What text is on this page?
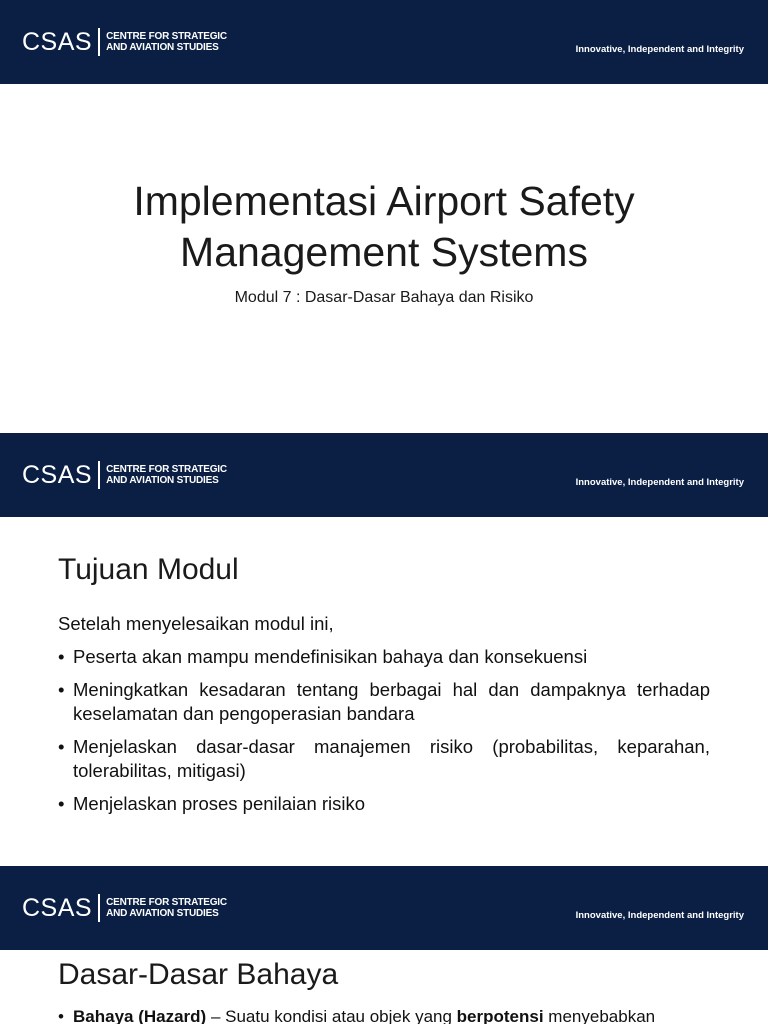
CSAS CENTRE FOR STRATEGIC
AND AVIATION STUDIES	Innovative, Independent and Integrity
Implementasi Airport Safety
Management Systems
Modul 7 : Dasar-Dasar Bahaya dan Risiko
CSAS CENTRE FOR STRATEGIC
AND AVIATION STUDIES	Innovative, Independent and Integrity
Tujuan Modul
Setelah menyelesaikan modul ini,
• Peserta akan mampu mendefinisikan bahaya dan konsekuensi
• Meningkatkan kesadaran tentang berbagai hal dan dampaknya terhadap keselamatan dan pengoperasian bandara
• Menjelaskan dasar-dasar manajemen risiko (probabilitas, keparahan, tolerabilitas, mitigasi)
• Menjelaskan proses penilaian risiko
CSAS CENTRE FOR STRATEGIC
AND AVIATION STUDIES	Innovative, Independent and Integrity
Dasar-Dasar Bahaya
• Bahaya (Hazard) – Suatu kondisi atau objek yang berpotensi menyebabkan
